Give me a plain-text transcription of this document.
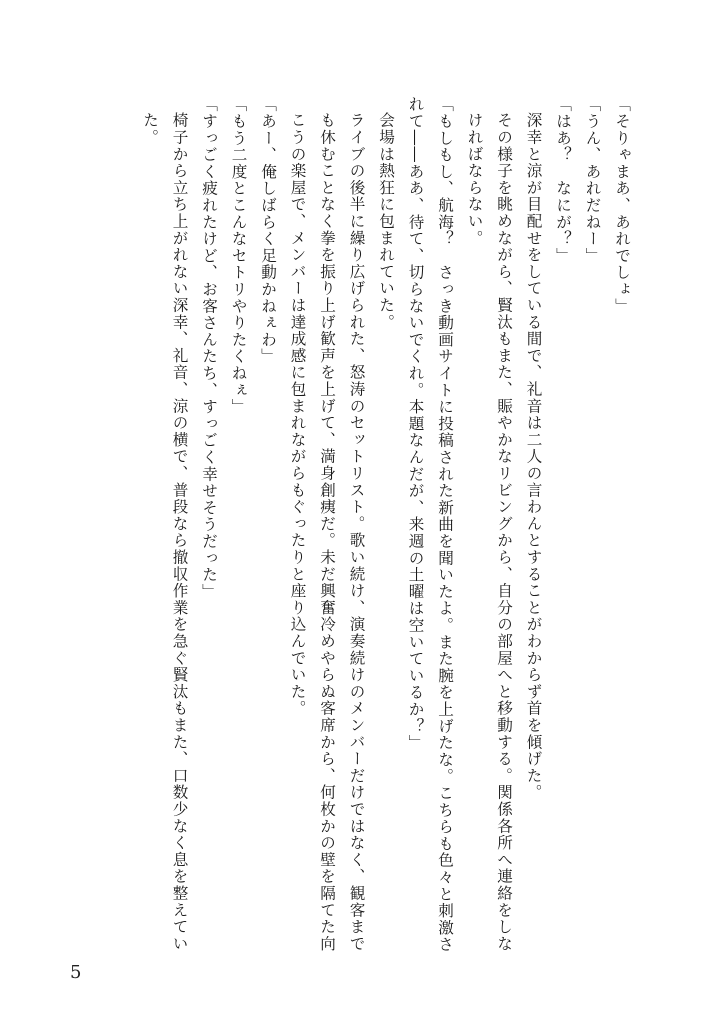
「そりゃまあ、あれでしょ」
「うん、あれだねー」
「はあ？　なにが？」
深幸と涼が目配せをしている間で、礼音は二人の言わんとすることがわからず首を傾げた。
その様子を眺めながら、賢汰もまた、賑やかなリビングから、自分の部屋へと移動する。関係各所へ連絡をしなければならない。
「もしもし、航海？　さっき動画サイトに投稿された新曲を聞いたよ。また腕を上げたな。こちらも色々と刺激されて――ああ、待て、切らないでくれ。本題なんだが、来週の土曜は空いているか？」
会場は熱狂に包まれていた。
ライブの後半に繰り広げられた、怒涛のセットリスト。歌い続け、演奏続けのメンバーだけではなく、観客までも休むことなく拳を振り上げ歓声を上げて、満身創痍だ。未だ興奮冷めやらぬ客席から、何枚かの壁を隔てた向こうの楽屋で、メンバーは達成感に包まれながらもぐったりと座り込んでいた。
「あー、俺しばらく足動かねぇわ」
「もう二度とこんなセトリやりたくねぇ」
「すっごく疲れたけど、お客さんたち、すっごく幸せそうだった」
椅子から立ち上がれない深幸、礼音、涼の横で、普段なら撤収作業を急ぐ賢汰もまた、口数少なく息を整えていた。
5
